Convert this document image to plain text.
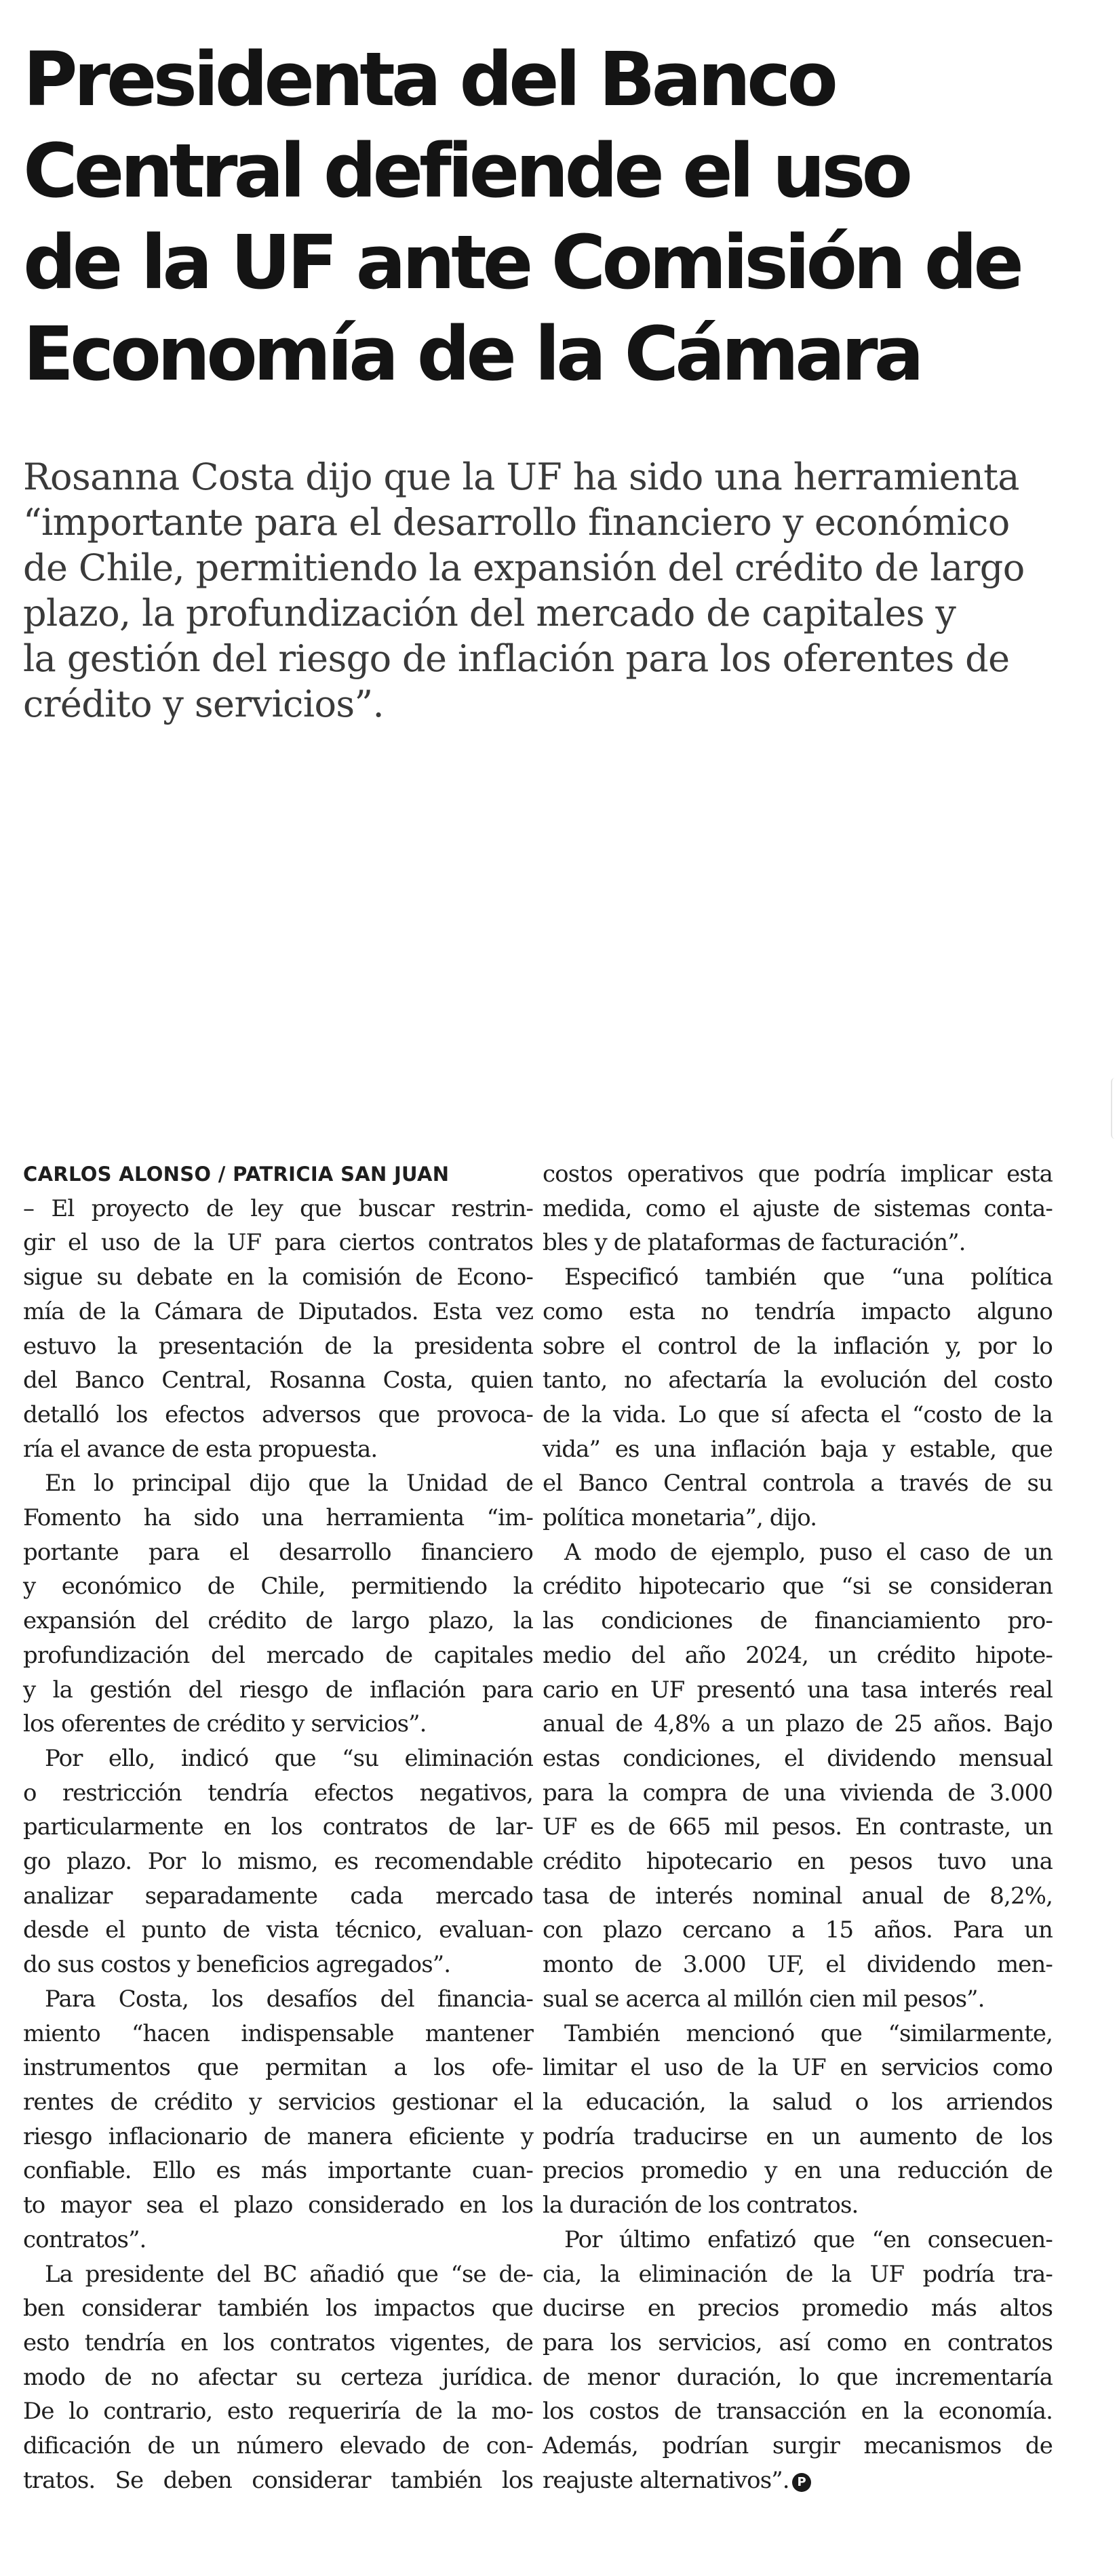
Presidenta del Banco
Central defiende el uso
de la UF ante Comisión de
Economía de la Cámara

Rosanna Costa dijo que la UF ha sido una herramienta
“importante para el desarrollo financiero y económico
de Chile, permitiendo la expansión del crédito de largo
plazo, la profundización del mercado de capitales y
la gestión del riesgo de inflación para los oferentes de
crédito y servicios”.

CARLOS ALONSO / PATRICIA SAN JUAN

– El proyecto de ley que buscar restrin-
gir el uso de la UF para ciertos contratos
sigue su debate en la comisión de Econo-
mía de la Cámara de Diputados. Esta vez
estuvo la presentación de la presidenta
del Banco Central, Rosanna Costa, quien
detalló los efectos adversos que provoca-
ría el avance de esta propuesta.

En lo principal dijo que la Unidad de
Fomento ha sido una herramienta “im-
portante para el desarrollo financiero
y económico de Chile, permitiendo la
expansión del crédito de largo plazo, la
profundización del mercado de capitales
y la gestión del riesgo de inflación para
los oferentes de crédito y servicios”.

Por ello, indicó que “su eliminación
o restricción tendría efectos negativos,
particularmente en los contratos de lar-
go plazo. Por lo mismo, es recomendable
analizar separadamente cada mercado
desde el punto de vista técnico, evaluan-
do sus costos y beneficios agregados”.

Para Costa, los desafíos del financia-
miento “hacen indispensable mantener
instrumentos que permitan a los ofe-
rentes de crédito y servicios gestionar el
riesgo inflacionario de manera eficiente y
confiable. Ello es más importante cuan-
to mayor sea el plazo considerado en los
contratos”.

La presidente del BC añadió que “se de-
ben considerar también los impactos que
esto tendría en los contratos vigentes, de
modo de no afectar su certeza jurídica.
De lo contrario, esto requeriría de la mo-
dificación de un número elevado de con-
tratos. Se deben considerar también los

costos operativos que podría implicar esta
medida, como el ajuste de sistemas conta-
bles y de plataformas de facturación”.

Especificó también que “una política
como esta no tendría impacto alguno
sobre el control de la inflación y, por lo
tanto, no afectaría la evolución del costo
de la vida. Lo que sí afecta el “costo de la
vida” es una inflación baja y estable, que
el Banco Central controla a través de su
política monetaria”, dijo.

A modo de ejemplo, puso el caso de un
crédito hipotecario que “si se consideran
las condiciones de financiamiento pro-
medio del año 2024, un crédito hipote-
cario en UF presentó una tasa interés real
anual de 4,8% a un plazo de 25 años. Bajo
estas condiciones, el dividendo mensual
para la compra de una vivienda de 3.000
UF es de 665 mil pesos. En contraste, un
crédito hipotecario en pesos tuvo una
tasa de interés nominal anual de 8,2%,
con plazo cercano a 15 años. Para un
monto de 3.000 UF, el dividendo men-
sual se acerca al millón cien mil pesos”.

También mencionó que “similarmente,
limitar el uso de la UF en servicios como
la educación, la salud o los arriendos
podría traducirse en un aumento de los
precios promedio y en una reducción de
la duración de los contratos.

Por último enfatizó que “en consecuen-
cia, la eliminación de la UF podría tra-
ducirse en precios promedio más altos
para los servicios, así como en contratos
de menor duración, lo que incrementaría
los costos de transacción en la economía.
Además, podrían surgir mecanismos de
reajuste alternativos”. P
